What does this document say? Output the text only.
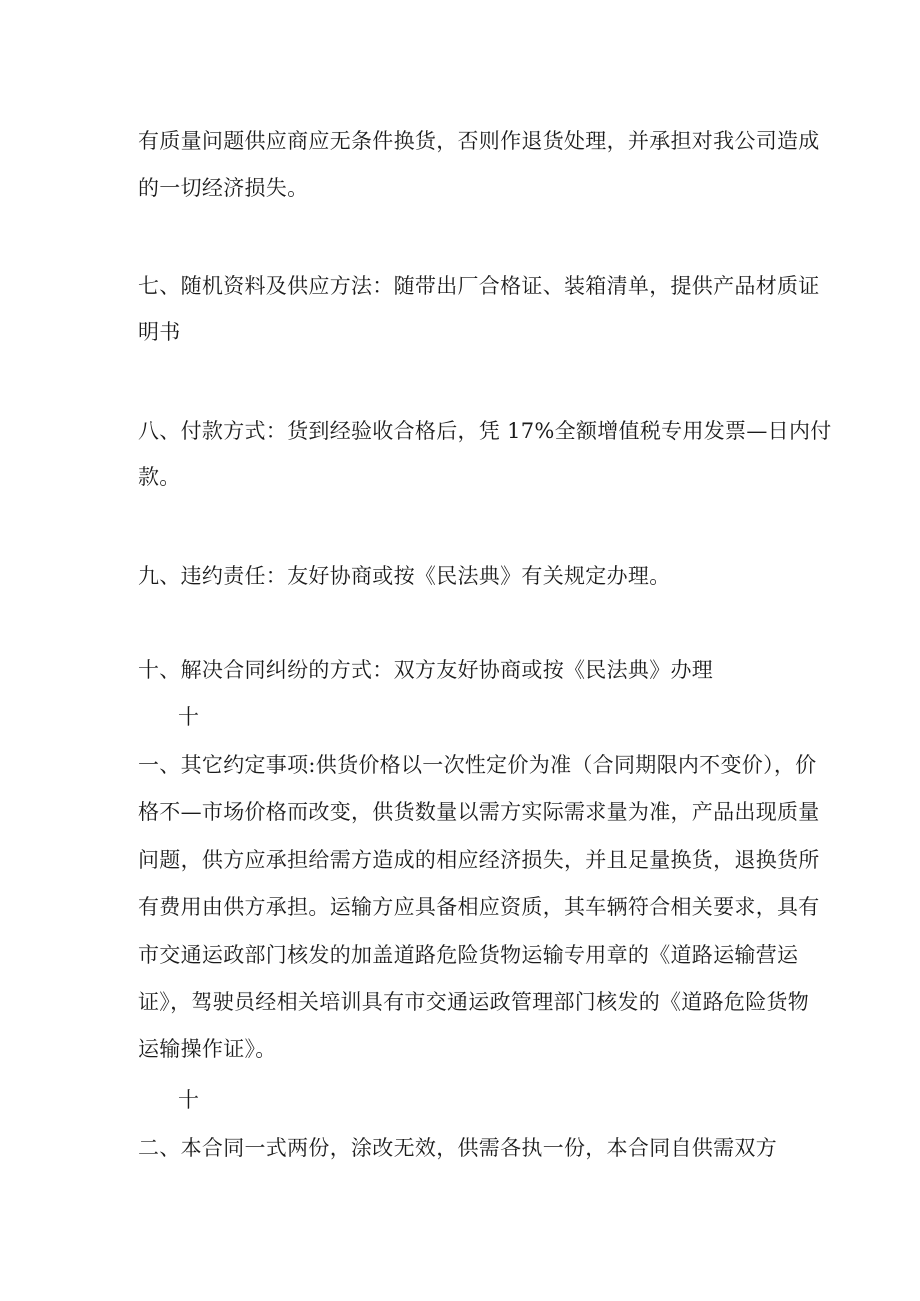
有质量问题供应商应无条件换货，否则作退货处理，并承担对我公司造成
的一切经济损失。
七、随机资料及供应方法：随带出厂合格证、装箱清单，提供产品材质证
明书
八、付款方式：货到经验收合格后，凭 17%全额增值税专用发票—日内付
款。
九、违约责任：友好协商或按《民法典》有关规定办理。
十、解决合同纠纷的方式：双方友好协商或按《民法典》办理
十
一、其它约定事项:供货价格以一次性定价为准（合同期限内不变价），价
格不—市场价格而改变，供货数量以需方实际需求量为准，产品出现质量
问题，供方应承担给需方造成的相应经济损失，并且足量换货，退换货所
有费用由供方承担。运输方应具备相应资质，其车辆符合相关要求，具有
市交通运政部门核发的加盖道路危险货物运输专用章的《道路运输营运
证》，驾驶员经相关培训具有市交通运政管理部门核发的《道路危险货物
运输操作证》。
十
二、本合同一式两份，涂改无效，供需各执一份，本合同自供需双方
